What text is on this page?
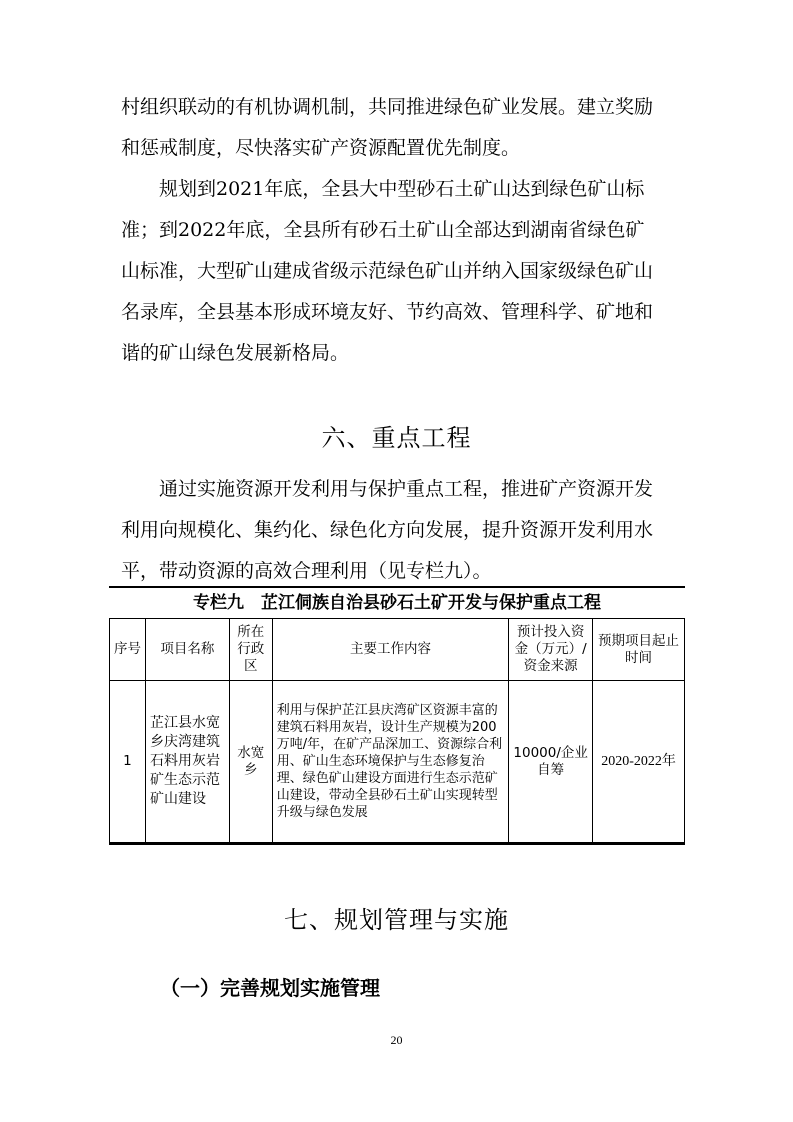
村组织联动的有机协调机制，共同推进绿色矿业发展。建立奖励
和惩戒制度，尽快落实矿产资源配置优先制度。

规划到2021年底，全县大中型砂石土矿山达到绿色矿山标
准；到2022年底，全县所有砂石土矿山全部达到湖南省绿色矿
山标准，大型矿山建成省级示范绿色矿山并纳入国家级绿色矿山
名录库，全县基本形成环境友好、节约高效、管理科学、矿地和
谐的矿山绿色发展新格局。

六、重点工程

通过实施资源开发利用与保护重点工程，推进矿产资源开发
利用向规模化、集约化、绿色化方向发展，提升资源开发利用水
平，带动资源的高效合理利用（见专栏九）。

专栏九　芷江侗族自治县砂石土矿开发与保护重点工程
序号	项目名称	所在行政区	主要工作内容	预计投入资金（万元）/资金来源	预期项目起止时间
1	芷江县水宽乡庆湾建筑石料用灰岩矿生态示范矿山建设	水宽乡	利用与保护芷江县庆湾矿区资源丰富的建筑石料用灰岩，设计生产规模为200万吨/年，在矿产品深加工、资源综合利用、矿山生态环境保护与生态修复治理、绿色矿山建设方面进行生态示范矿山建设，带动全县砂石土矿山实现转型升级与绿色发展	10000/企业自筹	2020-2022年
七、规划管理与实施
（一）完善规划实施管理
20
